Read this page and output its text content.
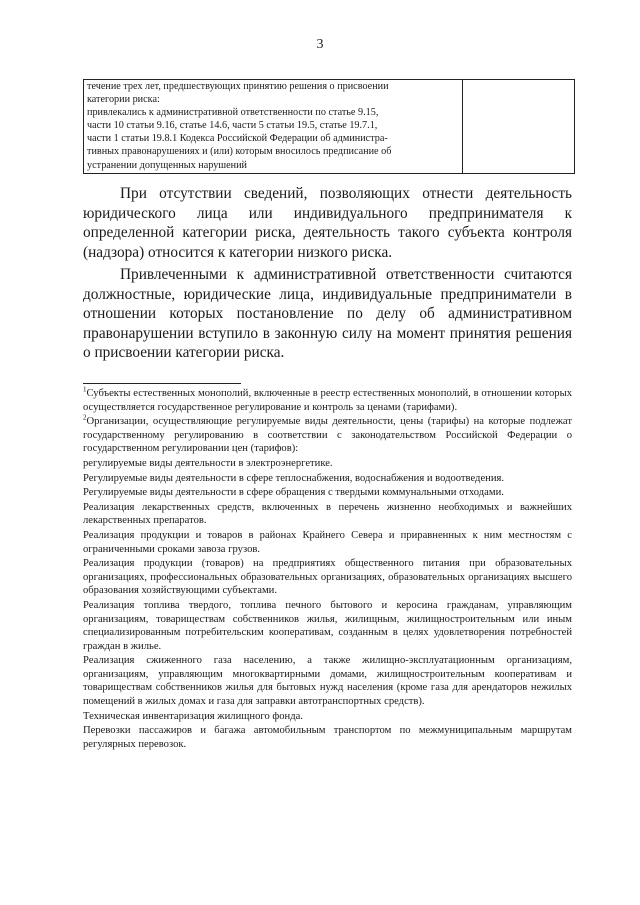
3
течение трех лет, предшествующих принятию решения о присвоении
категории риска:
привлекались к административной ответственности по статье 9.15,
части 10 статьи 9.16, статье 14.6, части 5 статьи 19.5, статье 19.7.1,
части 1 статьи 19.8.1 Кодекса Российской Федерации об администра-
тивных правонарушениях и (или) которым вносилось предписание об
устранении допущенных нарушений

При отсутствии сведений, позволяющих отнести деятельность юридического лица или индивидуального предпринимателя к определенной категории риска, деятельность такого субъекта контроля (надзора) относится к категории низкого риска.

Привлеченными к административной ответственности считаются должностные, юридические лица, индивидуальные предприниматели в отношении которых постановление по делу об административном правонарушении вступило в законную силу на момент принятия решения о присвоении категории риска.

$^1$Субъекты естественных монополий, включенные в реестр естественных монополий, в отношении которых осуществляется государственное регулирование и контроль за ценами (тарифами).

$^2$Организации, осуществляющие регулируемые виды деятельности, цены (тарифы) на которые подлежат государственному регулированию в соответствии с законодательством Российской Федерации о государственном регулировании цен (тарифов):

регулируемые виды деятельности в электроэнергетике.

Регулируемые виды деятельности в сфере теплоснабжения, водоснабжения и водоотведения.

Регулируемые виды деятельности в сфере обращения с твердыми коммунальными отходами.

Реализация лекарственных средств, включенных в перечень жизненно необходимых и важнейших лекарственных препаратов.

Реализация продукции и товаров в районах Крайнего Севера и приравненных к ним местностям с ограниченными сроками завоза грузов.

Реализация продукции (товаров) на предприятиях общественного питания при образовательных организациях, профессиональных образовательных организациях, образовательных организациях высшего образования хозяйствующими субъектами.

Реализация топлива твердого, топлива печного бытового и керосина гражданам, управляющим организациям, товариществам собственников жилья, жилищным, жилищностроительным или иным специализированным потребительским кооперативам, созданным в целях удовлетворения потребностей граждан в жилье.

Реализация сжиженного газа населению, а также жилищно-эксплуатационным организациям, организациям, управляющим многоквартирными домами, жилищностроительным кооперативам и товариществам собственников жилья для бытовых нужд населения (кроме газа для арендаторов нежилых помещений в жилых домах и газа для заправки автотранспортных средств).

Техническая инвентаризация жилищного фонда.

Перевозки пассажиров и багажа автомобильным транспортом по межмуниципальным маршрутам регулярных перевозок.
